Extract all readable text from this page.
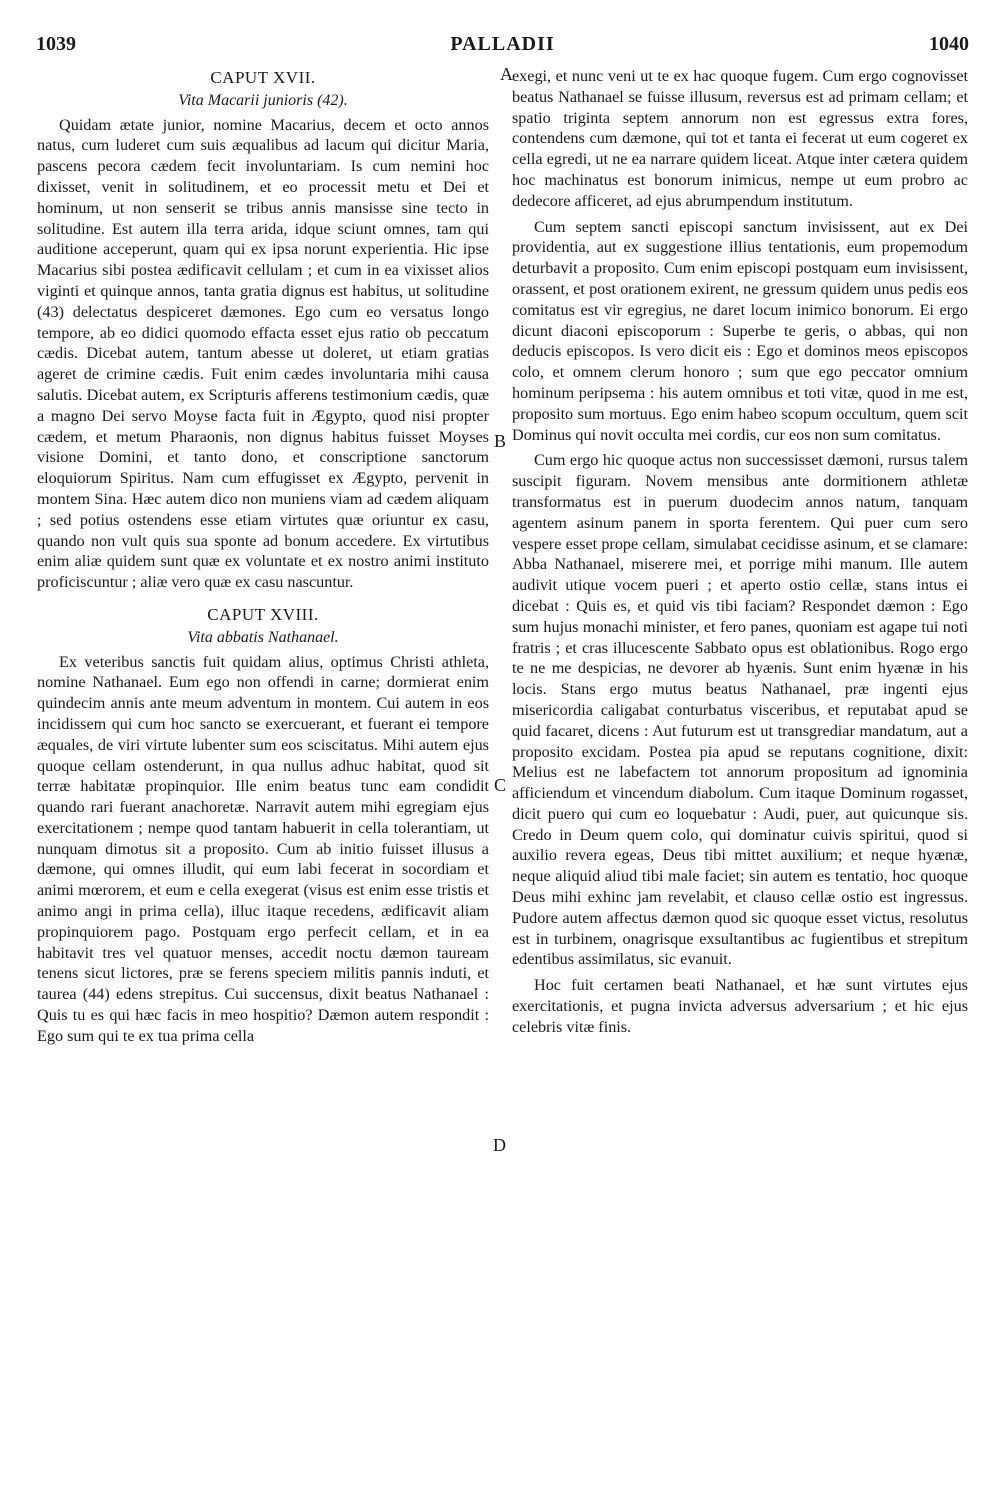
1039	PALLADII	1040
A
B
C
D
CAPUT XVII.
Vita Macarii junioris (42).

Quidam ætate junior, nomine Macarius, decem et octo annos natus, cum luderet cum suis æqualibus ad lacum qui dicitur Maria, pascens pecora cædem fecit involuntariam. Is cum nemini hoc dixisset, venit in solitudinem, et eo processit metu et Dei et hominum, ut non senserit se tribus annis mansisse sine tecto in solitudine. Est autem illa terra arida, idque sciunt omnes, tam qui auditione acceperunt, quam qui ex ipsa norunt experientia. Hic ipse Macarius sibi postea ædificavit cellulam ; et cum in ea vixisset alios viginti et quinque annos, tanta gratia dignus est habitus, ut solitudine (43) delectatus despiceret dæmones. Ego cum eo versatus longo tempore, ab eo didici quomodo effacta esset ejus ratio ob peccatum cædis. Dicebat autem, tantum abesse ut doleret, ut etiam gratias ageret de crimine cædis. Fuit enim cædes involuntaria mihi causa salutis. Dicebat autem, ex Scripturis afferens testimonium cædis, quæ a magno Dei servo Moyse facta fuit in Ægypto, quod nisi propter cædem, et metum Pharaonis, non dignus habitus fuisset Moyses visione Domini, et tanto dono, et conscriptione sanctorum eloquiorum Spiritus. Nam cum effugisset ex Ægypto, pervenit in montem Sina. Hæc autem dico non muniens viam ad cædem aliquam ; sed potius ostendens esse etiam virtutes quæ oriuntur ex casu, quando non vult quis sua sponte ad bonum accedere. Ex virtutibus enim aliæ quidem sunt quæ ex voluntate et ex nostro animi instituto proficiscuntur ; aliæ vero quæ ex casu nascuntur.

CAPUT XVIII.
Vita abbatis Nathanael.

Ex veteribus sanctis fuit quidam alius, optimus Christi athleta, nomine Nathanael. Eum ego non offendi in carne; dormierat enim quindecim annis ante meum adventum in montem. Cui autem in eos incidissem qui cum hoc sancto se exercuerant, et fuerant ei tempore æquales, de viri virtute lubenter sum eos sciscitatus. Mihi autem ejus quoque cellam ostenderunt, in qua nullus adhuc habitat, quod sit terræ habitatæ propinquior. Ille enim beatus tunc eam condidit quando rari fuerant anachoretæ. Narravit autem mihi egregiam ejus exercitationem ; nempe quod tantam habuerit in cella tolerantiam, ut nunquam dimotus sit a proposito. Cum ab initio fuisset illusus a dæmone, qui omnes illudit, qui eum labi fecerat in socordiam et animi mœrorem, et eum e cella exegerat (visus est enim esse tristis et animo angi in prima cella), illuc itaque recedens, ædificavit aliam propinquiorem pago. Postquam ergo perfecit cellam, et in ea habitavit tres vel quatuor menses, accedit noctu dæmon tauream tenens sicut lictores, præ se ferens speciem militis pannis induti, et taurea (44) edens strepitus. Cui succensus, dixit beatus Nathanael : Quis tu es qui hæc facis in meo hospitio? Dæmon autem respondit : Ego sum qui te ex tua prima cella

exegi, et nunc veni ut te ex hac quoque fugem. Cum ergo cognovisset beatus Nathanael se fuisse illusum, reversus est ad primam cellam; et spatio triginta septem annorum non est egressus extra fores, contendens cum dæmone, qui tot et tanta ei fecerat ut eum cogeret ex cella egredi, ut ne ea narrare quidem liceat. Atque inter cætera quidem hoc machinatus est bonorum inimicus, nempe ut eum probro ac dedecore afficeret, ad ejus abrumpendum institutum.

Cum septem sancti episcopi sanctum invisissent, aut ex Dei providentia, aut ex suggestione illius tentationis, eum propemodum deturbavit a proposito. Cum enim episcopi postquam eum invisissent, orassent, et post orationem exirent, ne gressum quidem unus pedis eos comitatus est vir egregius, ne daret locum inimico bonorum. Ei ergo dicunt diaconi episcoporum : Superbe te geris, o abbas, qui non deducis episcopos. Is vero dicit eis : Ego et dominos meos episcopos colo, et omnem clerum honoro ; sum que ego peccator omnium hominum peripsema : his autem omnibus et toti vitæ, quod in me est, proposito sum mortuus. Ego enim habeo scopum occultum, quem scit Dominus qui novit occulta mei cordis, cur eos non sum comitatus.

Cum ergo hic quoque actus non successisset dæmoni, rursus talem suscipit figuram. Novem mensibus ante dormitionem athletæ transformatus est in puerum duodecim annos natum, tanquam agentem asinum panem in sporta ferentem. Qui puer cum sero vespere esset prope cellam, simulabat cecidisse asinum, et se clamare: Abba Nathanael, miserere mei, et porrige mihi manum. Ille autem audivit utique vocem pueri ; et aperto ostio cellæ, stans intus ei dicebat : Quis es, et quid vis tibi faciam? Respondet dæmon : Ego sum hujus monachi minister, et fero panes, quoniam est agape tui noti fratris ; et cras illucescente Sabbato opus est oblationibus. Rogo ergo te ne me despicias, ne devorer ab hyænis. Sunt enim hyænæ in his locis. Stans ergo mutus beatus Nathanael, præ ingenti ejus misericordia caligabat conturbatus visceribus, et reputabat apud se quid facaret, dicens : Aut futurum est ut transgrediar mandatum, aut a proposito excidam. Postea pia apud se reputans cognitione, dixit: Melius est ne labefactem tot annorum propositum ad ignominia afficiendum et vincendum diabolum. Cum itaque Dominum rogasset, dicit puero qui cum eo loquebatur : Audi, puer, aut quicunque sis. Credo in Deum quem colo, qui dominatur cuivis spiritui, quod si auxilio revera egeas, Deus tibi mittet auxilium; et neque hyænæ, neque aliquid aliud tibi male faciet; sin autem es tentatio, hoc quoque Deus mihi exhinc jam revelabit, et clauso cellæ ostio est ingressus. Pudore autem affectus dæmon quod sic quoque esset victus, resolutus est in turbinem, onagrisque exsultantibus ac fugientibus et strepitum edentibus assimilatus, sic evanuit.

Hoc fuit certamen beati Nathanael, et hæ sunt virtutes ejus exercitationis, et pugna invicta adversus adversarium ; et hic ejus celebris vitæ finis.
